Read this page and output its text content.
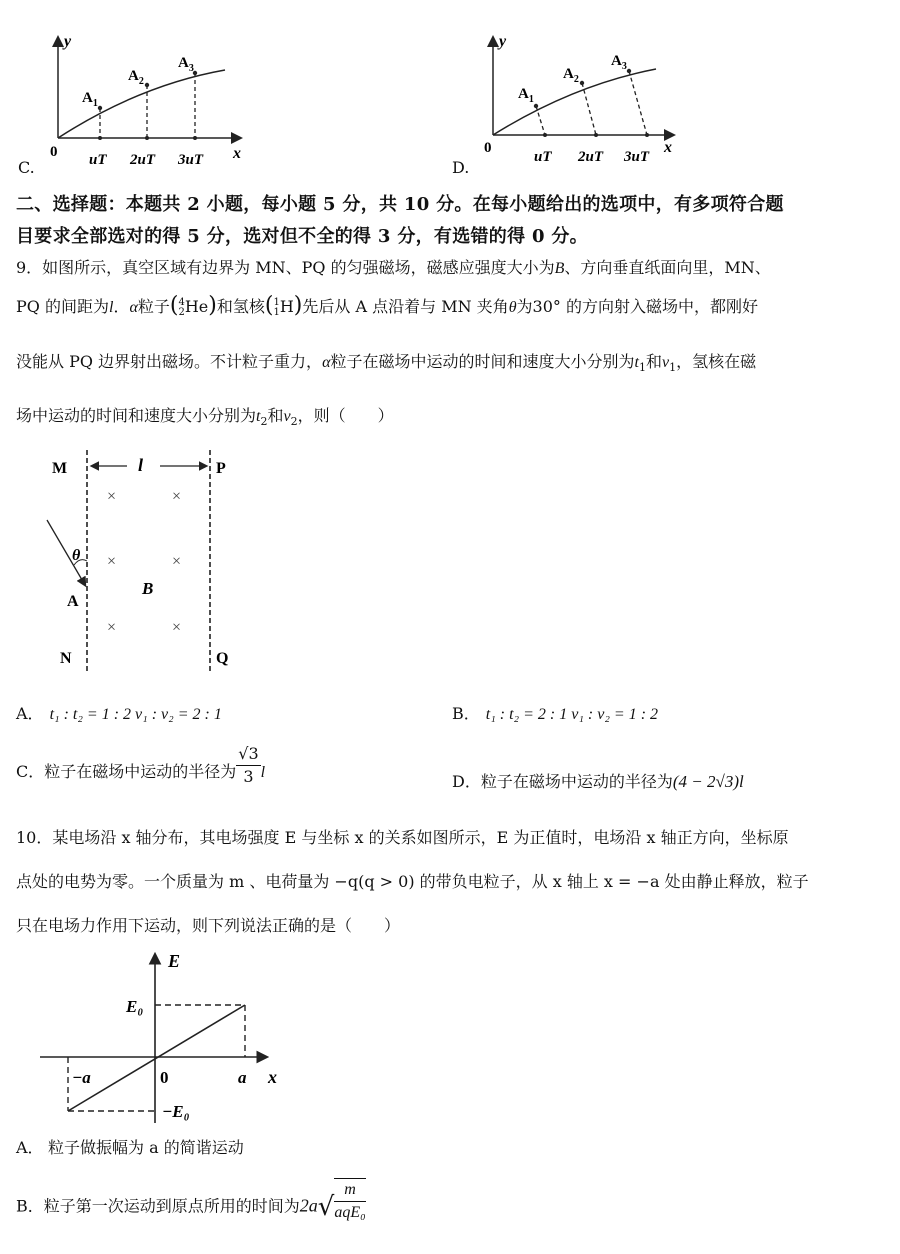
C.
y
x
0
$A_1$
$A_2$
$A_3$
uT 2uT 3uT	D.
y
x
0
$A_1$
$A_2$
$A_3$
uT 2uT 3uT
二、选择题：本题共 2 小题，每小题 5 分，共 10 分。在每小题给出的选项中，有多项符合题
目要求全部选对的得 5 分，选对但不全的得 3 分，有选错的得 0 分。
9．如图所示，真空区域有边界为 MN、PQ 的匀强磁场，磁感应强度大小为B、方向垂直纸面向里，MN、
PQ 的间距为l．α粒子( 4
2 He)和氢核( 1
1 H)先后从 A 点沿着与 MN 夹角θ为30° 的方向射入磁场中，都刚好
没能从 PQ 边界射出磁场。不计粒子重力，α粒子在磁场中运动的时间和速度大小分别为$t_1$和$v_1$，氢核在磁
场中运动的时间和速度大小分别为$t_2$和$v_2$，则（　　）
M	P
N	Q
A
B
l
θ
×	×
×	×
×	×
A． t₁ : t₂ = 1 : 2 v₁ : v₂ = 2 : 1	B． t₁ : t₂ = 2 : 1 v₁ : v₂ = 1 : 2
C．粒子在磁场中运动的半径为 $\frac{√3}{3}$ l	D．粒子在磁场中运动的半径为(4 − 2√3)l
10．某电场沿 x 轴分布，其电场强度 E 与坐标 x 的关系如图所示，E 为正值时，电场沿 x 轴正方向，坐标原
点处的电势为零。一个质量为 m 、电荷量为 −q(q > 0) 的带负电粒子，从 x 轴上 x = −a 处由静止释放，粒子
只在电场力作用下运动，则下列说法正确的是（　　）
E
x
0
E₀
−E₀
a
−a
A． 粒子做振幅为 a 的简谐运动
B．粒子第一次运动到原点所用的时间为$2a√ \frac{m}{\text{aqE₀}}$
